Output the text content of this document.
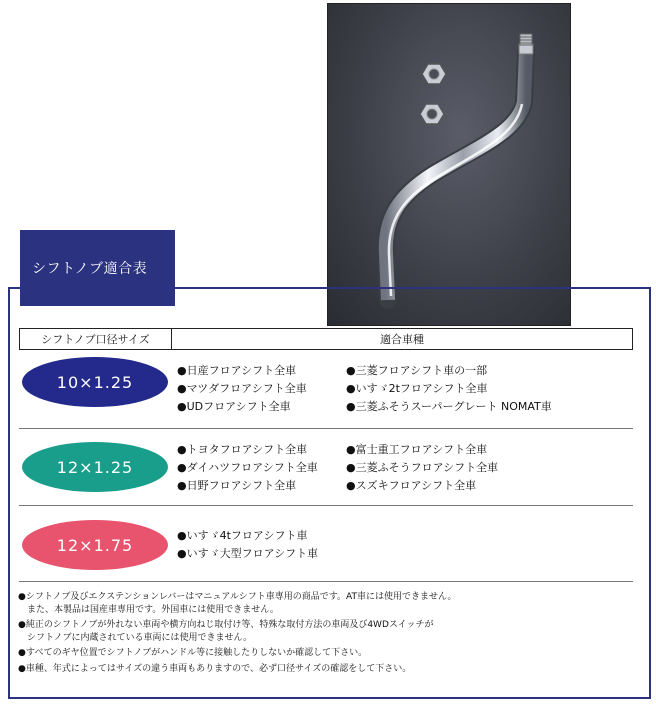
シフトノブ適合表
シフトノブ口径サイズ	適合車種
10×1.25
●日産フロアシフト全車
●マツダフロアシフト全車
●UDフロアシフト全車
●三菱フロアシフト車の一部
●いすゞ2tフロアシフト全車
●三菱ふそうスーパーグレート NOMAT車
12×1.25
●トヨタフロアシフト全車
●ダイハツフロアシフト全車
●日野フロアシフト全車
●富士重工フロアシフト全車
●三菱ふそうフロアシフト全車
●スズキフロアシフト全車
12×1.75	●いすゞ4tフロアシフト車
●いすゞ大型フロアシフト車
●シフトノブ及びエクステンションレバーはマニュアルシフト車専用の商品です。AT車には使用できません。
　また、本製品は国産車専用です。外国車には使用できません。
●純正のシフトノブが外れない車両や横方向ねじ取付け等、特殊な取付方法の車両及び4WDスイッチが
　シフトノブに内蔵されている車両には使用できません。
●すべてのギヤ位置でシフトノブがハンドル等に接触したりしないか確認して下さい。
●車種、年式によってはサイズの違う車両もありますので、必ず口径サイズの確認をして下さい。
